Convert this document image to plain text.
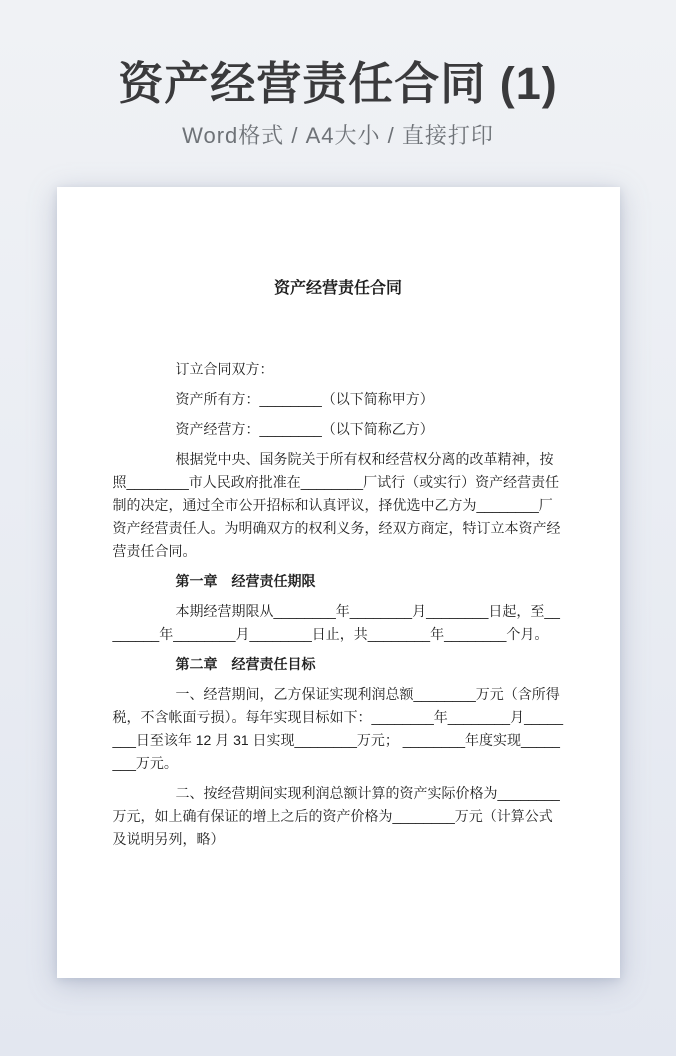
资产经营责任合同 (1)
Word格式 / A4大小 / 直接打印
资产经营责任合同

订立合同双方：

资产所有方：________（以下简称甲方）

资产经营方：________（以下简称乙方）

根据党中央、国务院关于所有权和经营权分离的改革精神，按照________市人民政府批准在________厂试行（或实行）资产经营责任制的决定，通过全市公开招标和认真评议，择优选中乙方为________厂资产经营责任人。为明确双方的权利义务，经双方商定，特订立本资产经营责任合同。

第一章　经营责任期限

本期经营期限从________年________月________日起，至________年________月________日止，共________年________个月。

第二章　经营责任目标

一、经营期间，乙方保证实现利润总额________万元（含所得税，不含帐面亏损）。每年实现目标如下：________年________月________日至该年 12 月 31 日实现________万元； ________年度实现________万元。

二、按经营期间实现利润总额计算的资产实际价格为________万元，如上确有保证的增上之后的资产价格为________万元（计算公式及说明另列，略）
